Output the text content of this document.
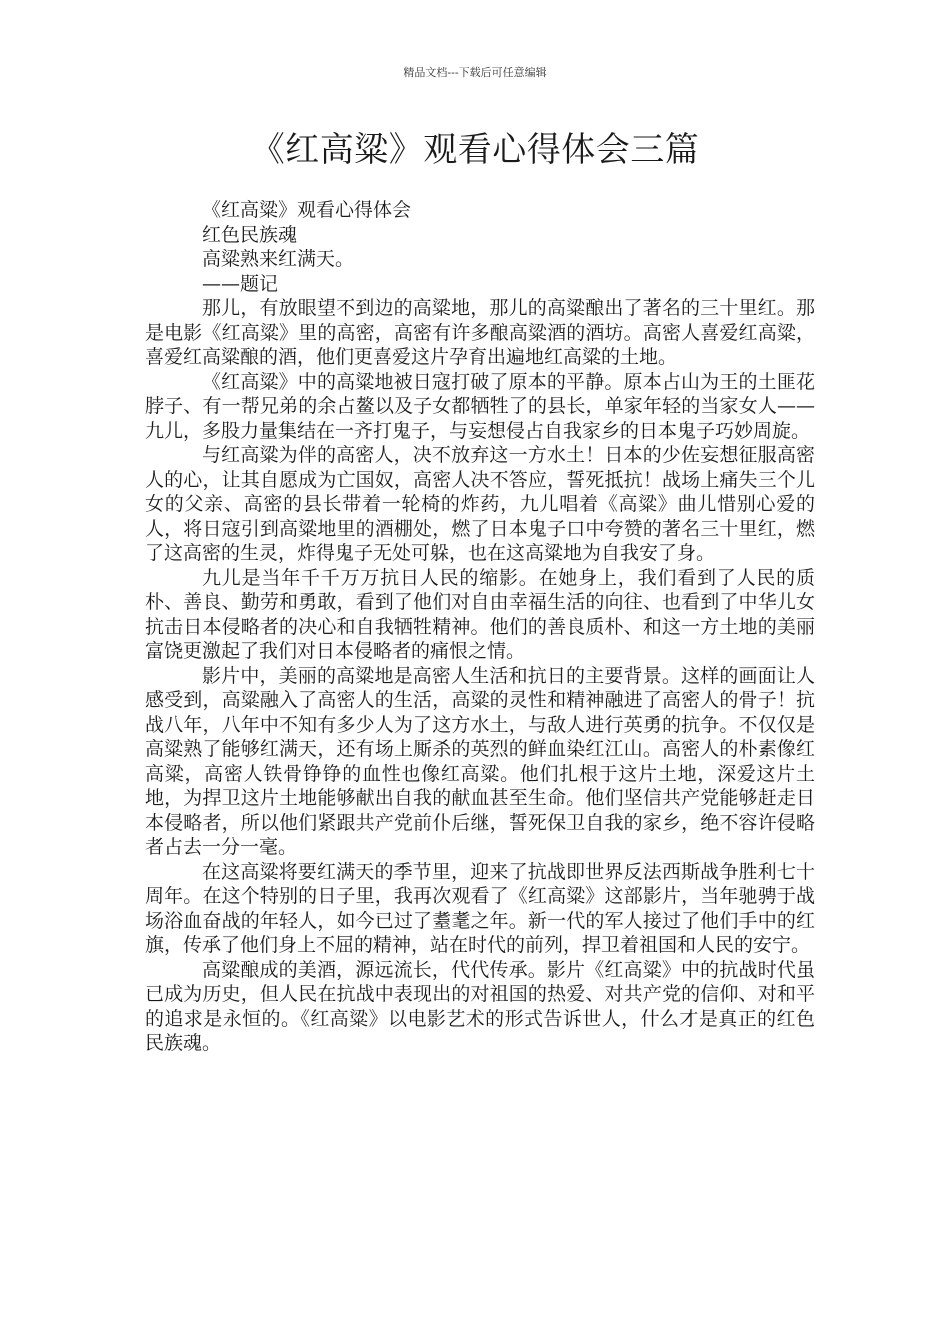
精品文档---下载后可任意编辑
《红高粱》观看心得体会三篇
《红高粱》观看心得体会
红色民族魂
高粱熟来红满天。
——题记

那儿，有放眼望不到边的高粱地，那儿的高粱酿出了著名的三十里红。那是电影《红高粱》里的高密，高密有许多酿高粱酒的酒坊。高密人喜爱红高粱，喜爱红高粱酿的酒，他们更喜爱这片孕育出遍地红高粱的土地。

《红高粱》中的高粱地被日寇打破了原本的平静。原本占山为王的土匪花脖子、有一帮兄弟的余占鳌以及子女都牺牲了的县长，单家年轻的当家女人——九儿，多股力量集结在一齐打鬼子，与妄想侵占自我家乡的日本鬼子巧妙周旋。

与红高粱为伴的高密人，决不放弃这一方水土！日本的少佐妄想征服高密人的心，让其自愿成为亡国奴，高密人决不答应，誓死抵抗！战场上痛失三个儿女的父亲、高密的县长带着一轮椅的炸药，九儿唱着《高粱》曲儿惜别心爱的人，将日寇引到高粱地里的酒棚处，燃了日本鬼子口中夸赞的著名三十里红，燃了这高密的生灵，炸得鬼子无处可躲，也在这高粱地为自我安了身。

九儿是当年千千万万抗日人民的缩影。在她身上，我们看到了人民的质朴、善良、勤劳和勇敢，看到了他们对自由幸福生活的向往、也看到了中华儿女抗击日本侵略者的决心和自我牺牲精神。他们的善良质朴、和这一方土地的美丽富饶更激起了我们对日本侵略者的痛恨之情。

影片中，美丽的高粱地是高密人生活和抗日的主要背景。这样的画面让人感受到，高粱融入了高密人的生活，高粱的灵性和精神融进了高密人的骨子！抗战八年，八年中不知有多少人为了这方水土，与敌人进行英勇的抗争。不仅仅是高粱熟了能够红满天，还有场上厮杀的英烈的鲜血染红江山。高密人的朴素像红高粱，高密人铁骨铮铮的血性也像红高粱。他们扎根于这片土地，深爱这片土地，为捍卫这片土地能够献出自我的献血甚至生命。他们坚信共产党能够赶走日本侵略者，所以他们紧跟共产党前仆后继，誓死保卫自我的家乡，绝不容许侵略者占去一分一毫。

在这高粱将要红满天的季节里，迎来了抗战即世界反法西斯战争胜利七十周年。在这个特别的日子里，我再次观看了《红高粱》这部影片，当年驰骋于战场浴血奋战的年轻人，如今已过了耋耄之年。新一代的军人接过了他们手中的红旗，传承了他们身上不屈的精神，站在时代的前列，捍卫着祖国和人民的安宁。

高粱酿成的美酒，源远流长，代代传承。影片《红高粱》中的抗战时代虽已成为历史，但人民在抗战中表现出的对祖国的热爱、对共产党的信仰、对和平的追求是永恒的。《红高粱》以电影艺术的形式告诉世人，什么才是真正的红色民族魂。
